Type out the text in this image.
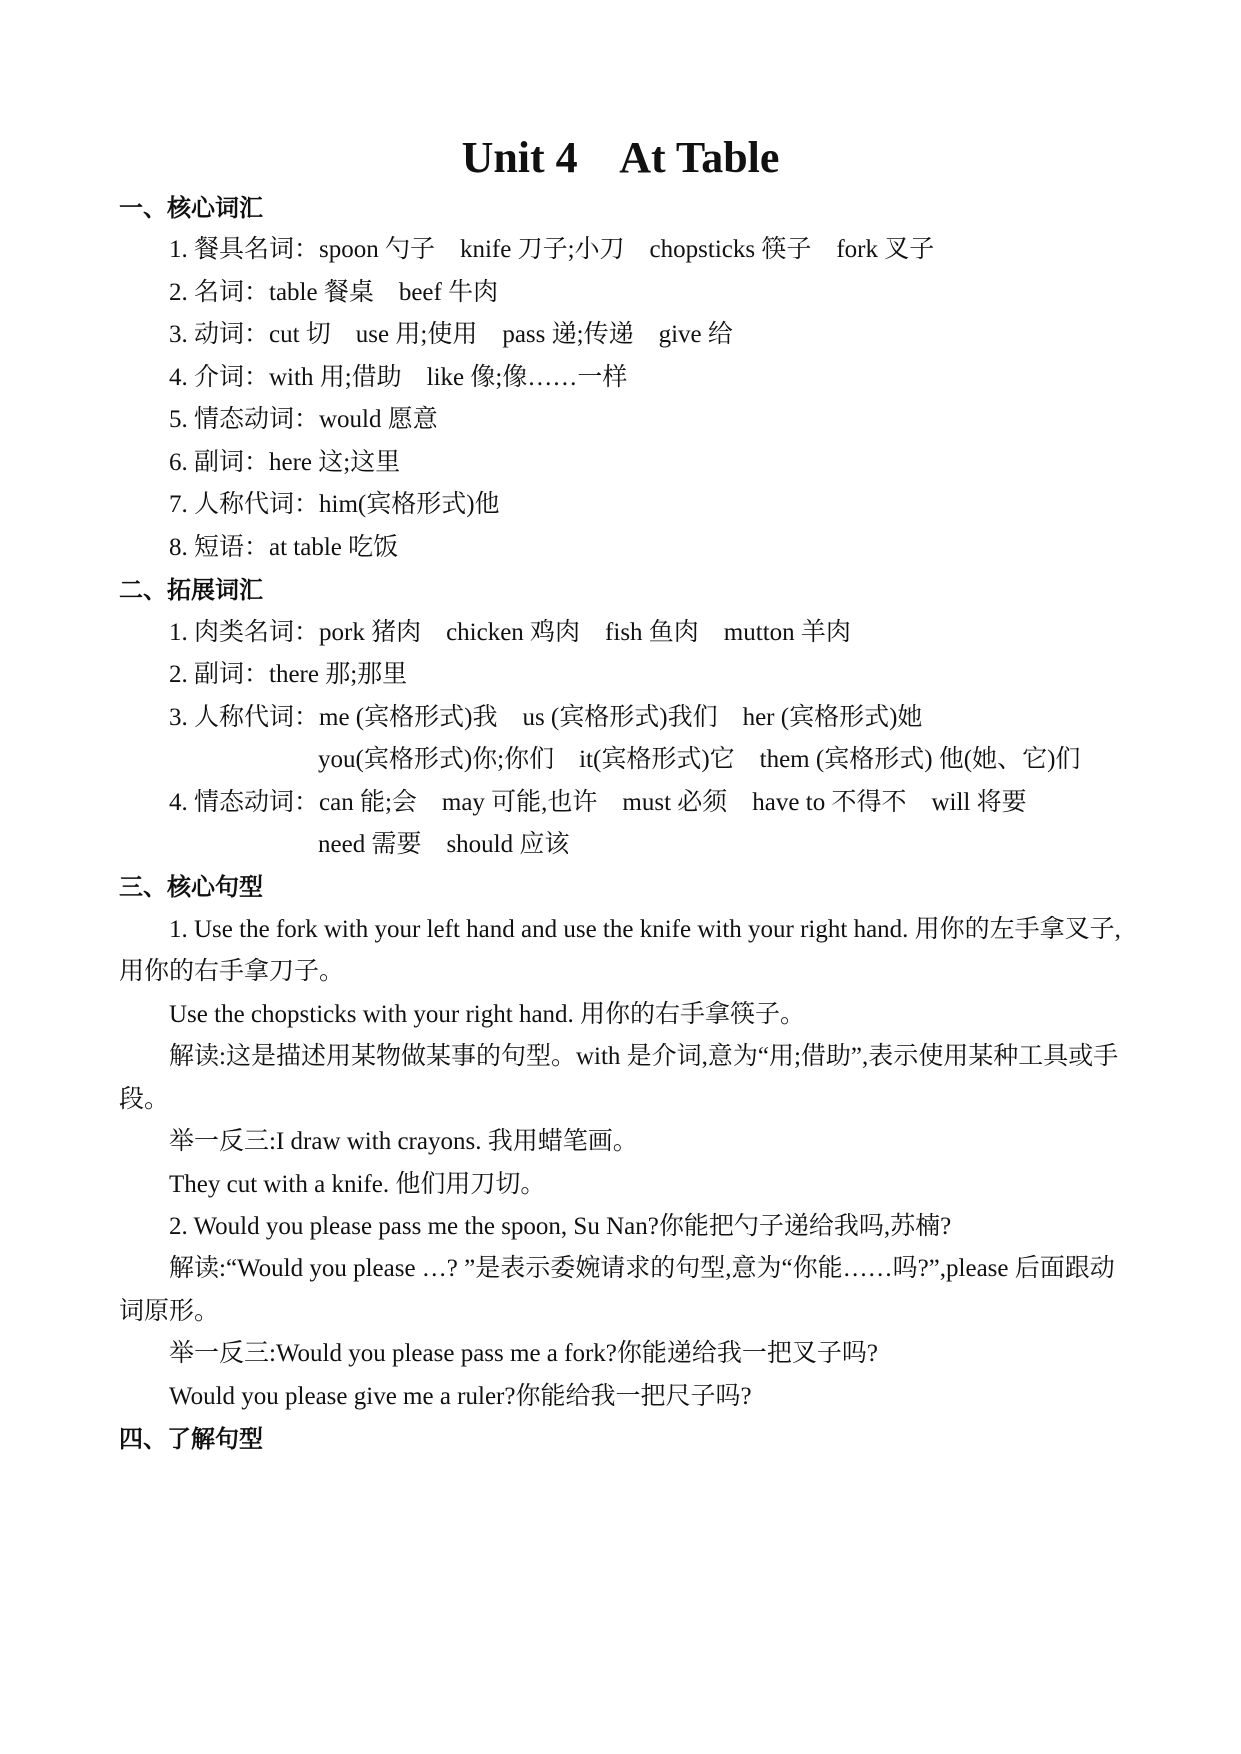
Unit 4    At Table
一、核心词汇
1. 餐具名词：spoon 勺子    knife 刀子;小刀    chopsticks 筷子    fork 叉子
2. 名词：table 餐桌    beef 牛肉
3. 动词：cut 切    use 用;使用    pass 递;传递    give 给
4. 介词：with 用;借助    like 像;像……一样
5. 情态动词：would 愿意
6. 副词：here 这;这里
7. 人称代词：him(宾格形式)他
8. 短语：at table 吃饭
二、拓展词汇
1. 肉类名词：pork 猪肉    chicken 鸡肉    fish 鱼肉    mutton 羊肉
2. 副词：there 那;那里
3. 人称代词：me (宾格形式)我    us (宾格形式)我们    her (宾格形式)她
you(宾格形式)你;你们    it(宾格形式)它    them (宾格形式) 他(她、它)们
4. 情态动词：can 能;会    may 可能,也许    must 必须    have to 不得不    will 将要
need 需要    should 应该
三、核心句型
1. Use the fork with your left hand and use the knife with your right hand. 用你的左手拿叉子,
用你的右手拿刀子。
Use the chopsticks with your right hand. 用你的右手拿筷子。
解读:这是描述用某物做某事的句型。with 是介词,意为“用;借助”,表示使用某种工具或手
段。
举一反三:I draw with crayons. 我用蜡笔画。
They cut with a knife. 他们用刀切。
2. Would you please pass me the spoon, Su Nan?你能把勺子递给我吗,苏楠?
解读:“Would you please …? ”是表示委婉请求的句型,意为“你能……吗?”,please 后面跟动
词原形。
举一反三:Would you please pass me a fork?你能递给我一把叉子吗?
Would you please give me a ruler?你能给我一把尺子吗?
四、了解句型
